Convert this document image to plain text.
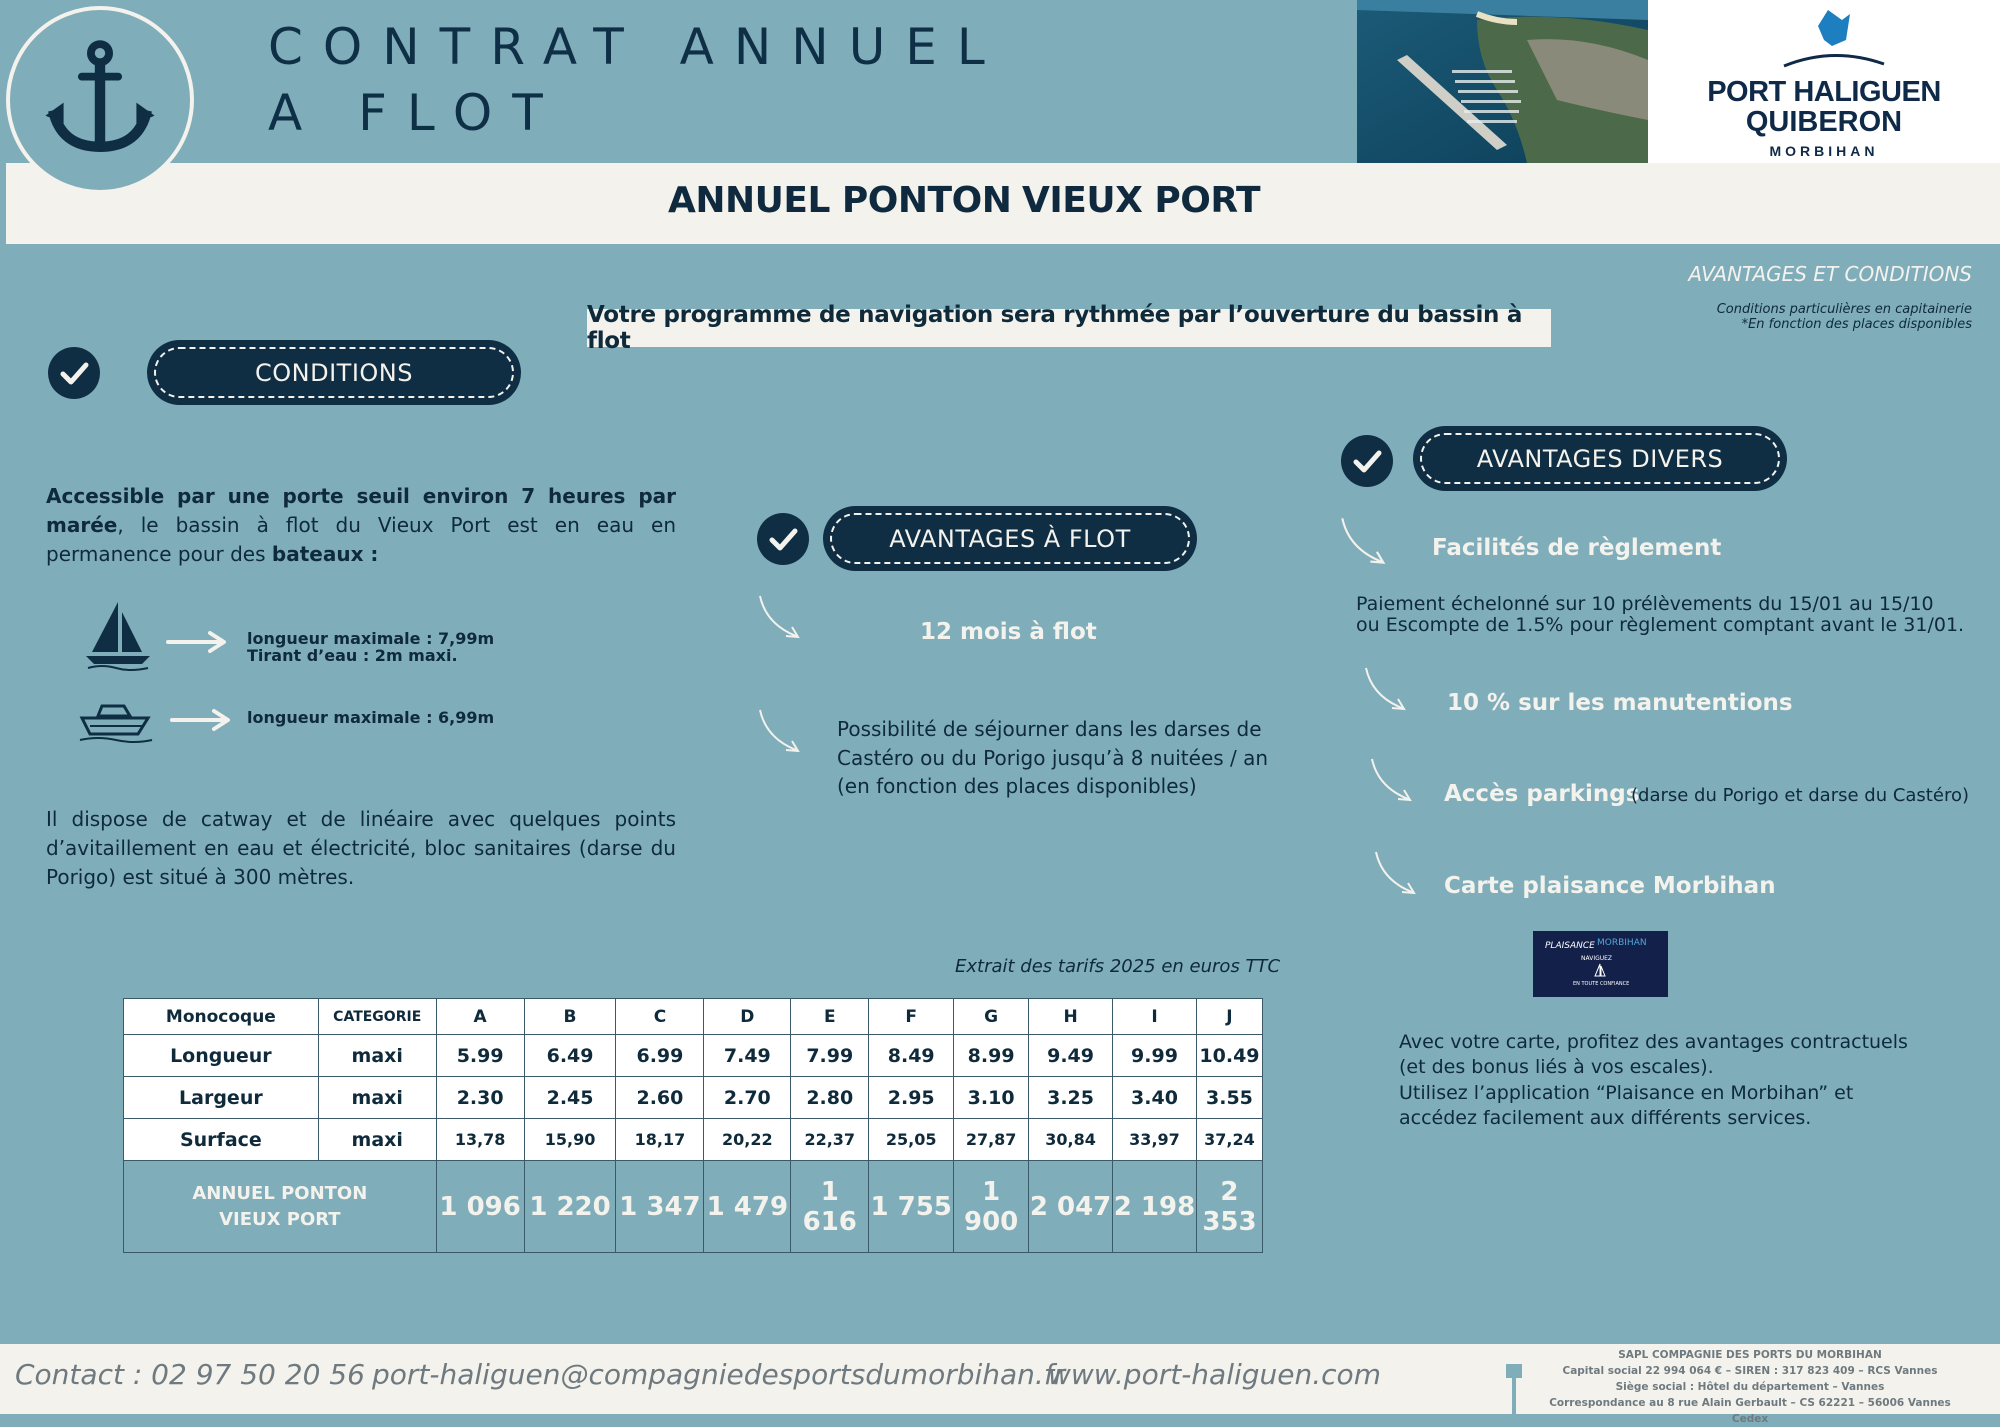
CONTRAT ANNUEL
A FLOT	PORT HALIGUEN
QUIBERON
MORBIHAN
ANNUEL PONTON VIEUX PORT
AVANTAGES ET CONDITIONS
Conditions particulières en capitainerie
*En fonction des places disponibles
Votre programme de navigation sera rythmée par l’ouverture du bassin à flot
CONDITIONS
Accessible par une porte seuil environ 7 heures par marée, le bassin à flot du Vieux Port est en eau en permanence pour des bateaux :
longueur maximale : 7,99m
Tirant d’eau : 2m maxi.
longueur maximale : 6,99m
Il dispose de catway et de linéaire avec quelques points d’avitaillement en eau et électricité, bloc sanitaires (darse du Porigo) est situé à 300 mètres.
AVANTAGES À FLOT
12 mois à flot
Possibilité de séjourner dans les darses de
Castéro ou du Porigo jusqu’à 8 nuitées / an
(en fonction des places disponibles)
AVANTAGES DIVERS
Facilités de règlement
Paiement échelonné sur 10 prélèvements du 15/01 au 15/10
ou Escompte de 1.5% pour règlement comptant avant le 31/01.
10 % sur les manutentions
Accès parkings
(darse du Porigo et darse du Castéro)
Carte plaisance Morbihan
PLAISANCE MORBIHAN
NAVIGUEZ
EN TOUTE CONFIANCE
Avec votre carte, profitez des avantages contractuels
(et des bonus liés à vos escales).
Utilisez l’application “Plaisance en Morbihan” et
accédez facilement aux différents services.
Extrait des tarifs 2025 en euros TTC
Monocoque	CATEGORIE	A	B	C	D	E	F	G	H	I	J
Longueur	maxi	5.99	6.49	6.99	7.49	7.99	8.49	8.99	9.49	9.99	10.49
Largeur	maxi	2.30	2.45	2.60	2.70	2.80	2.95	3.10	3.25	3.40	3.55
Surface	maxi	13,78	15,90	18,17	20,22	22,37	25,05	27,87	30,84	33,97	37,24

ANNUEL PONTON
VIEUX PORT		1 096	1 220	1 347	1 479	1 616	1 755	1 900	2 047	2 198	2 353
Contact : 02 97 50 20 56 port-haliguen@compagniedesportsdumorbihan.fr
www.port-haliguen.com
SAPL COMPAGNIE DES PORTS DU MORBIHAN
Capital social 22 994 064 € – SIREN : 317 823 409 – RCS Vannes
Siège social : Hôtel du département – Vannes
Correspondance au 8 rue Alain Gerbault – CS 62221 – 56006 Vannes Cedex
